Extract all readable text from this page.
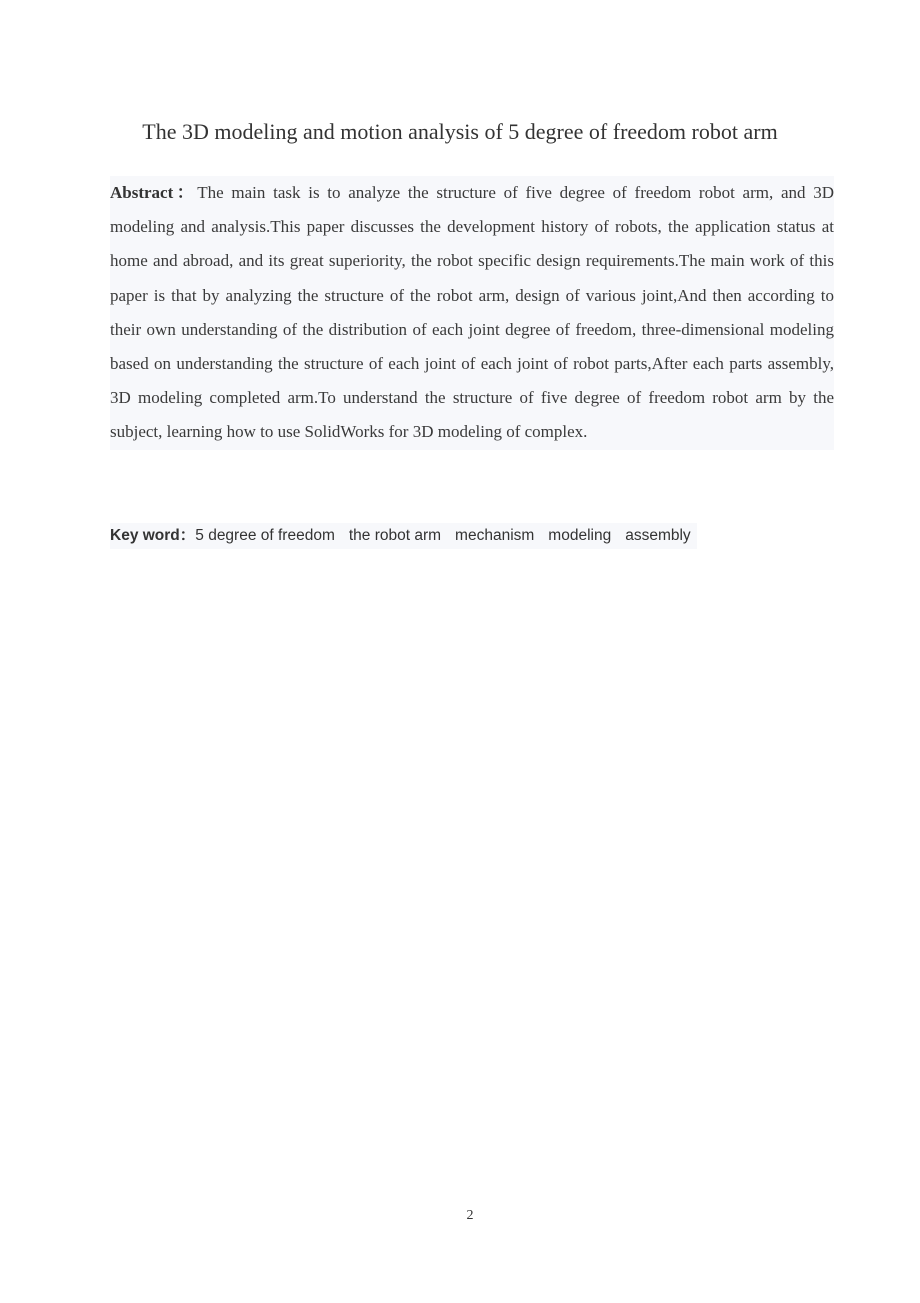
The 3D modeling and motion analysis of 5 degree of freedom robot arm

Abstract：The main task is to analyze the structure of five degree of freedom robot arm, and 3D modeling and analysis.This paper discusses the development history of robots, the application status at home and abroad, and its great superiority, the robot specific design requirements.The main work of this paper is that by analyzing the structure of the robot arm, design of various joint,And then according to their own understanding of the distribution of each joint degree of freedom, three-dimensional modeling based on understanding the structure of each joint of each joint of robot parts,After each parts assembly, 3D modeling completed arm.To understand the structure of five degree of freedom robot arm by the subject, learning how to use SolidWorks for 3D modeling of complex.

Key word：5 degree of freedom the robot arm mechanism modeling assembly
2
